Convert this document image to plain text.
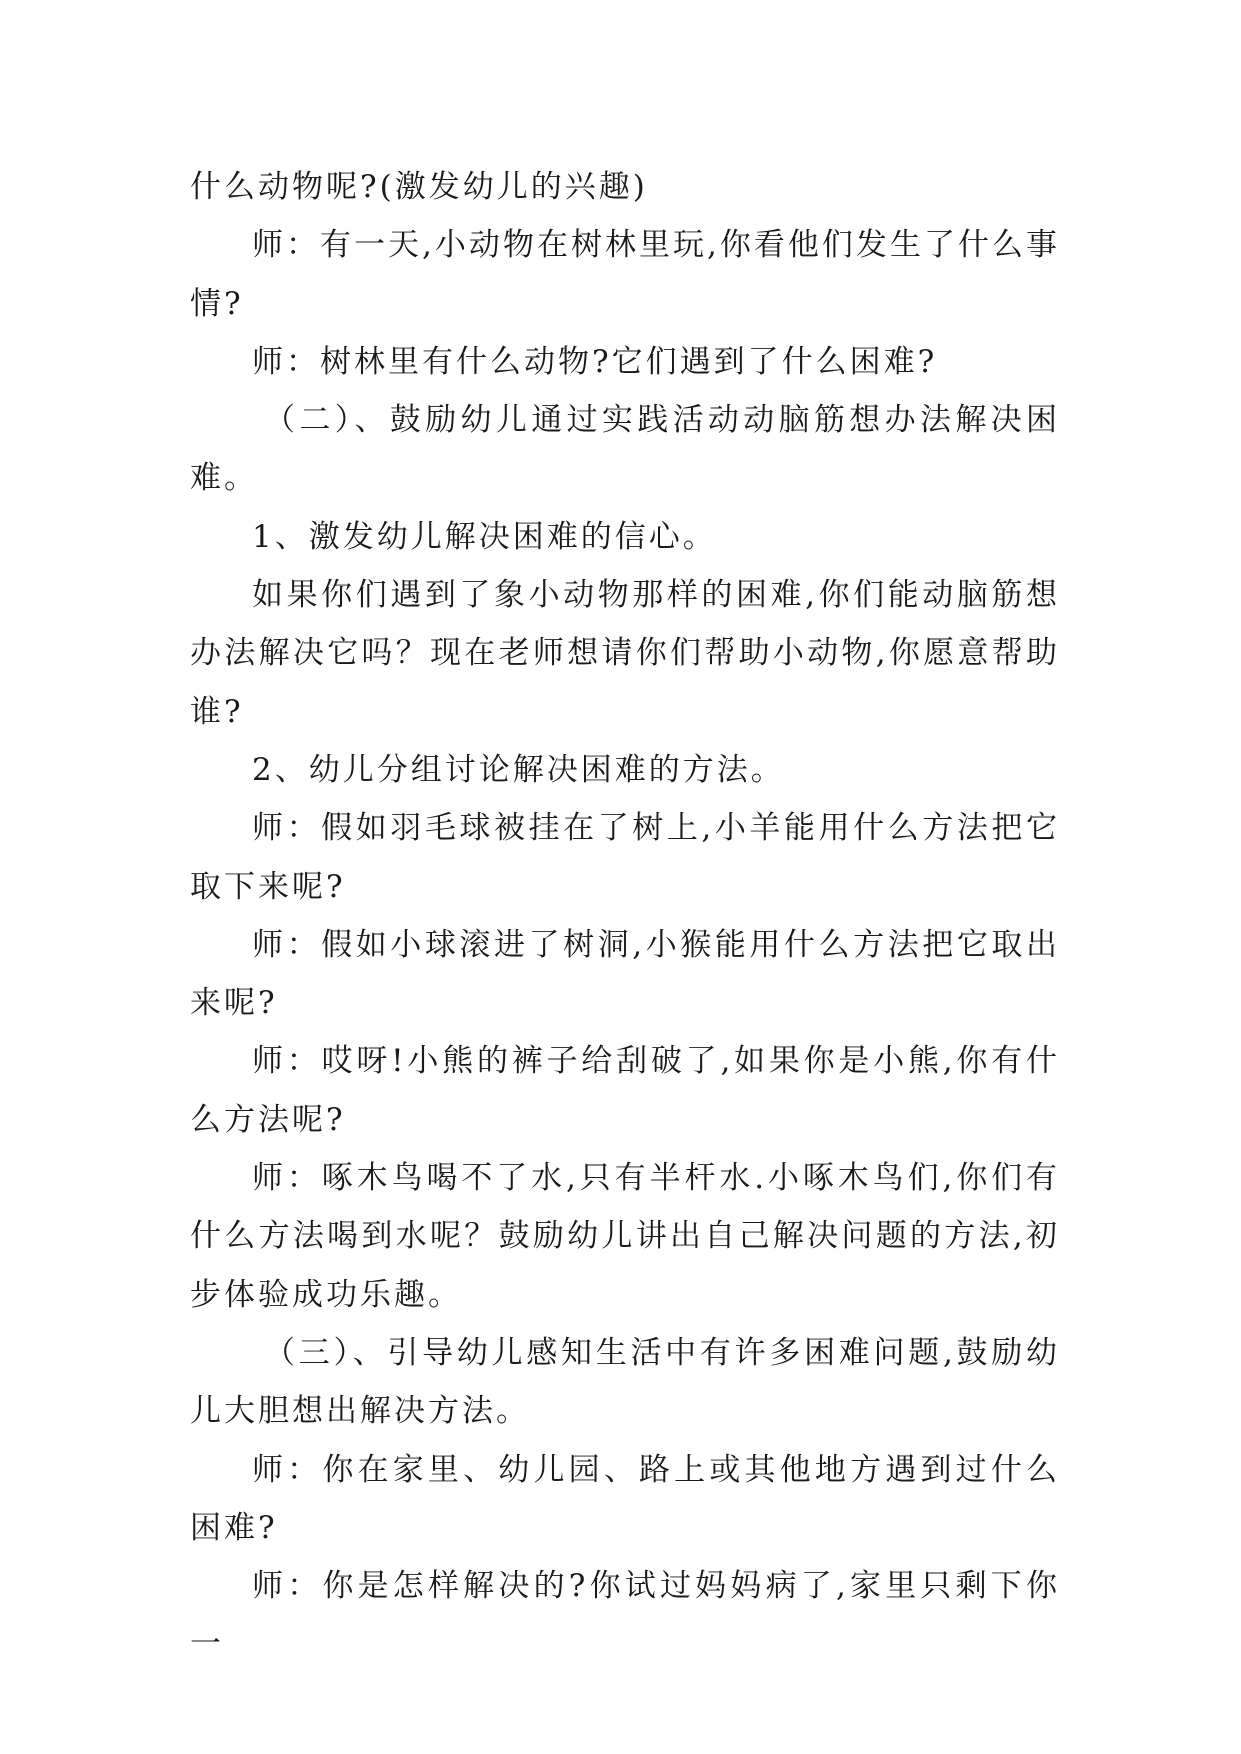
什么动物呢?(激发幼儿的兴趣)

师：有一天,小动物在树林里玩,你看他们发生了什么事情?

师：树林里有什么动物?它们遇到了什么困难?

（二）、鼓励幼儿通过实践活动动脑筋想办法解决困难。

1、激发幼儿解决困难的信心。

如果你们遇到了象小动物那样的困难,你们能动脑筋想办法解决它吗？现在老师想请你们帮助小动物,你愿意帮助谁?

2、幼儿分组讨论解决困难的方法。

师：假如羽毛球被挂在了树上,小羊能用什么方法把它取下来呢?

师：假如小球滚进了树洞,小猴能用什么方法把它取出来呢?

师：哎呀!小熊的裤子给刮破了,如果你是小熊,你有什么方法呢?

师：啄木鸟喝不了水,只有半杆水.小啄木鸟们,你们有什么方法喝到水呢？鼓励幼儿讲出自己解决问题的方法,初步体验成功乐趣。

（三）、引导幼儿感知生活中有许多困难问题,鼓励幼儿大胆想出解决方法。

师：你在家里、幼儿园、路上或其他地方遇到过什么困难?

师：你是怎样解决的?你试过妈妈病了,家里只剩下你一
